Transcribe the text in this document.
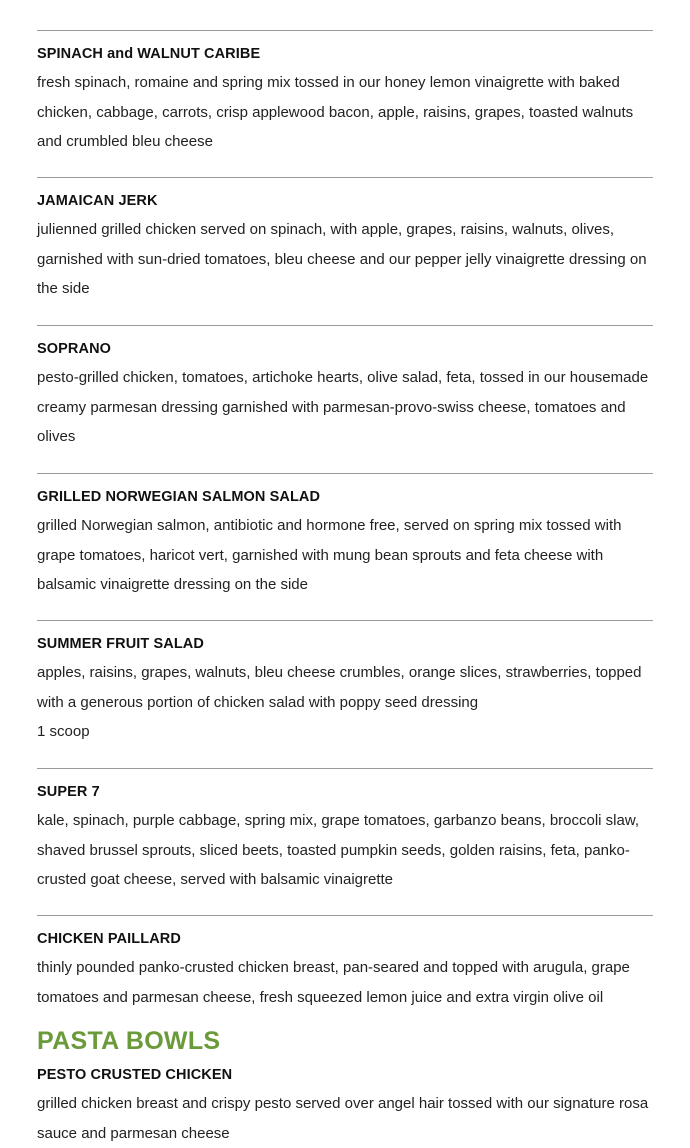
SPINACH and WALNUT CARIBE

fresh spinach, romaine and spring mix tossed in our honey lemon vinaigrette with baked chicken, cabbage, carrots, crisp applewood bacon, apple, raisins, grapes, toasted walnuts and crumbled bleu cheese

JAMAICAN JERK

julienned grilled chicken served on spinach, with apple, grapes, raisins, walnuts, olives, garnished with sun-dried tomatoes, bleu cheese and our pepper jelly vinaigrette dressing on the side

SOPRANO

pesto-grilled chicken, tomatoes, artichoke hearts, olive salad, feta, tossed in our housemade creamy parmesan dressing garnished with parmesan-provo-swiss cheese, tomatoes and olives

GRILLED NORWEGIAN SALMON SALAD

grilled Norwegian salmon, antibiotic and hormone free, served on spring mix tossed with grape tomatoes, haricot vert, garnished with mung bean sprouts and feta cheese with balsamic vinaigrette dressing on the side

SUMMER FRUIT SALAD

apples, raisins, grapes, walnuts, bleu cheese crumbles, orange slices, strawberries, topped with a generous portion of chicken salad with poppy seed dressing

1 scoop

SUPER 7

kale, spinach, purple cabbage, spring mix, grape tomatoes, garbanzo beans, broccoli slaw, shaved brussel sprouts, sliced beets, toasted pumpkin seeds, golden raisins, feta, panko-crusted goat cheese, served with balsamic vinaigrette

CHICKEN PAILLARD

thinly pounded panko-crusted chicken breast, pan-seared and topped with arugula, grape tomatoes and parmesan cheese, fresh squeezed lemon juice and extra virgin olive oil

PASTA BOWLS

PESTO CRUSTED CHICKEN

grilled chicken breast and crispy pesto served over angel hair tossed with our signature rosa sauce and parmesan cheese
